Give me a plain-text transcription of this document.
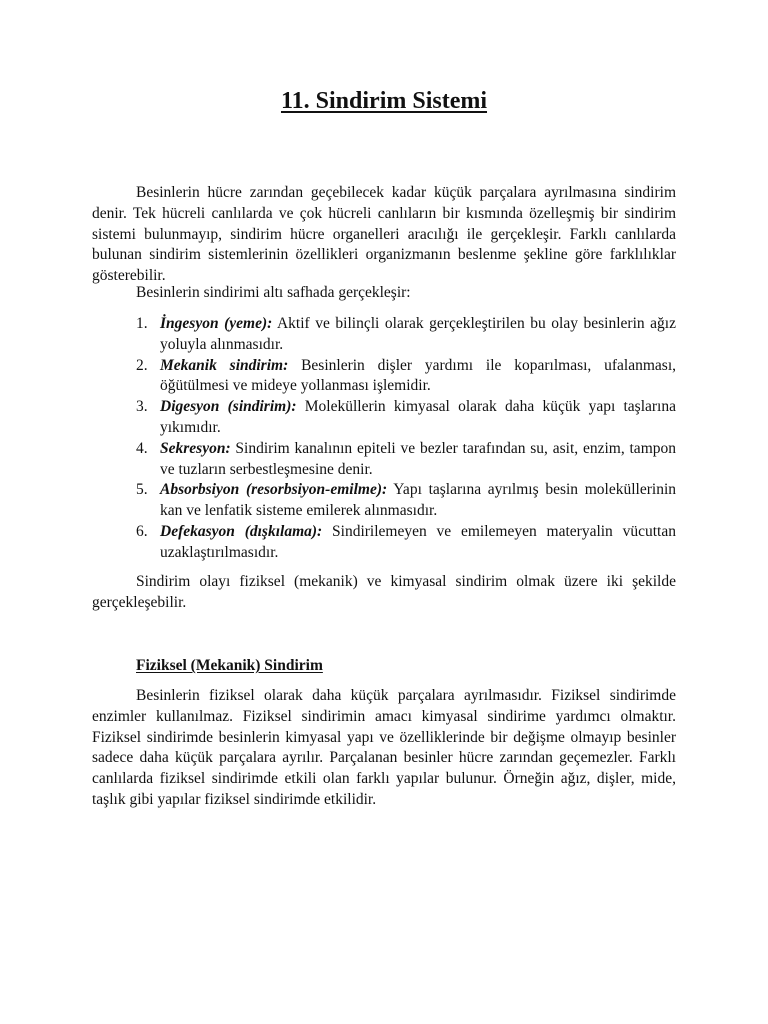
11. Sindirim Sistemi

Besinlerin hücre zarından geçebilecek kadar küçük parçalara ayrılmasına sindirim denir. Tek hücreli canlılarda ve çok hücreli canlıların bir kısmında özelleşmiş bir sindirim sistemi bulunmayıp, sindirim hücre organelleri aracılığı ile gerçekleşir. Farklı canlılarda bulunan sindirim sistemlerinin özellikleri organizmanın beslenme şekline göre farklılıklar gösterebilir.

Besinlerin sindirimi altı safhada gerçekleşir:

1. İngesyon (yeme): Aktif ve bilinçli olarak gerçekleştirilen bu olay besinlerin ağız yoluyla alınmasıdır.
2. Mekanik sindirim: Besinlerin dişler yardımı ile koparılması, ufalanması, öğütülmesi ve mideye yollanması işlemidir.
3. Digesyon (sindirim): Moleküllerin kimyasal olarak daha küçük yapı taşlarına yıkımıdır.
4. Sekresyon: Sindirim kanalının epiteli ve bezler tarafından su, asit, enzim, tampon ve tuzların serbestleşmesine denir.
5. Absorbsiyon (resorbsiyon-emilme): Yapı taşlarına ayrılmış besin moleküllerinin kan ve lenfatik sisteme emilerek alınmasıdır.
6. Defekasyon (dışkılama): Sindirilemeyen ve emilemeyen materyalin vücuttan uzaklaştırılmasıdır.

Sindirim olayı fiziksel (mekanik) ve kimyasal sindirim olmak üzere iki şekilde gerçekleşebilir.

Fiziksel (Mekanik) Sindirim

Besinlerin fiziksel olarak daha küçük parçalara ayrılmasıdır. Fiziksel sindirimde enzimler kullanılmaz. Fiziksel sindirimin amacı kimyasal sindirime yardımcı olmaktır. Fiziksel sindirimde besinlerin kimyasal yapı ve özelliklerinde bir değişme olmayıp besinler sadece daha küçük parçalara ayrılır. Parçalanan besinler hücre zarından geçemezler. Farklı canlılarda fiziksel sindirimde etkili olan farklı yapılar bulunur. Örneğin ağız, dişler, mide, taşlık gibi yapılar fiziksel sindirimde etkilidir.
